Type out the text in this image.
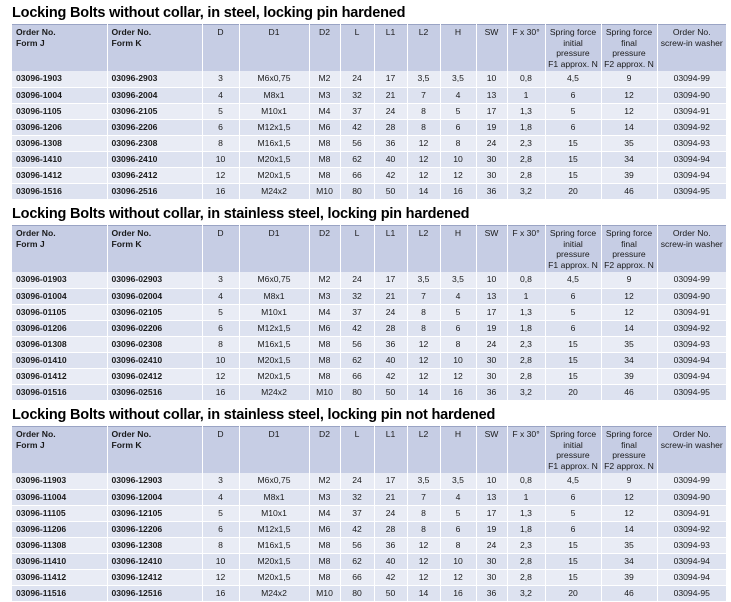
Locking Bolts without collar, in steel, locking pin hardened
Order No.
Form J	Order No.
Form K	D	D1	D2	L	L1	L2	H	SW	F x 30°	Spring force
initial pressure
F1 approx. N	Spring force
final pressure
F2 approx. N	Order No.
screw-in washer

03096-1903	03096-2903	3	M6x0,75	M2	24	17	3,5	3,5	10	0,8	4,5	9	03094-99
03096-1004	03096-2004	4	M8x1	M3	32	21	7	4	13	1	6	12	03094-90
03096-1105	03096-2105	5	M10x1	M4	37	24	8	5	17	1,3	5	12	03094-91
03096-1206	03096-2206	6	M12x1,5	M6	42	28	8	6	19	1,8	6	14	03094-92
03096-1308	03096-2308	8	M16x1,5	M8	56	36	12	8	24	2,3	15	35	03094-93
03096-1410	03096-2410	10	M20x1,5	M8	62	40	12	10	30	2,8	15	34	03094-94
03096-1412	03096-2412	12	M20x1,5	M8	66	42	12	12	30	2,8	15	39	03094-94
03096-1516	03096-2516	16	M24x2	M10	80	50	14	16	36	3,2	20	46	03094-95
Locking Bolts without collar, in stainless steel, locking pin hardened
Order No.
Form J	Order No.
Form K	D	D1	D2	L	L1	L2	H	SW	F x 30°	Spring force
initial pressure
F1 approx. N	Spring force
final pressure
F2 approx. N	Order No.
screw-in washer

03096-01903	03096-02903	3	M6x0,75	M2	24	17	3,5	3,5	10	0,8	4,5	9	03094-99
03096-01004	03096-02004	4	M8x1	M3	32	21	7	4	13	1	6	12	03094-90
03096-01105	03096-02105	5	M10x1	M4	37	24	8	5	17	1,3	5	12	03094-91
03096-01206	03096-02206	6	M12x1,5	M6	42	28	8	6	19	1,8	6	14	03094-92
03096-01308	03096-02308	8	M16x1,5	M8	56	36	12	8	24	2,3	15	35	03094-93
03096-01410	03096-02410	10	M20x1,5	M8	62	40	12	10	30	2,8	15	34	03094-94
03096-01412	03096-02412	12	M20x1,5	M8	66	42	12	12	30	2,8	15	39	03094-94
03096-01516	03096-02516	16	M24x2	M10	80	50	14	16	36	3,2	20	46	03094-95
Locking Bolts without collar, in stainless steel, locking pin not hardened
Order No.
Form J	Order No.
Form K	D	D1	D2	L	L1	L2	H	SW	F x 30°	Spring force
initial pressure
F1 approx. N	Spring force
final pressure
F2 approx. N	Order No.
screw-in washer

03096-11903	03096-12903	3	M6x0,75	M2	24	17	3,5	3,5	10	0,8	4,5	9	03094-99
03096-11004	03096-12004	4	M8x1	M3	32	21	7	4	13	1	6	12	03094-90
03096-11105	03096-12105	5	M10x1	M4	37	24	8	5	17	1,3	5	12	03094-91
03096-11206	03096-12206	6	M12x1,5	M6	42	28	8	6	19	1,8	6	14	03094-92
03096-11308	03096-12308	8	M16x1,5	M8	56	36	12	8	24	2,3	15	35	03094-93
03096-11410	03096-12410	10	M20x1,5	M8	62	40	12	10	30	2,8	15	34	03094-94
03096-11412	03096-12412	12	M20x1,5	M8	66	42	12	12	30	2,8	15	39	03094-94
03096-11516	03096-12516	16	M24x2	M10	80	50	14	16	36	3,2	20	46	03094-95
